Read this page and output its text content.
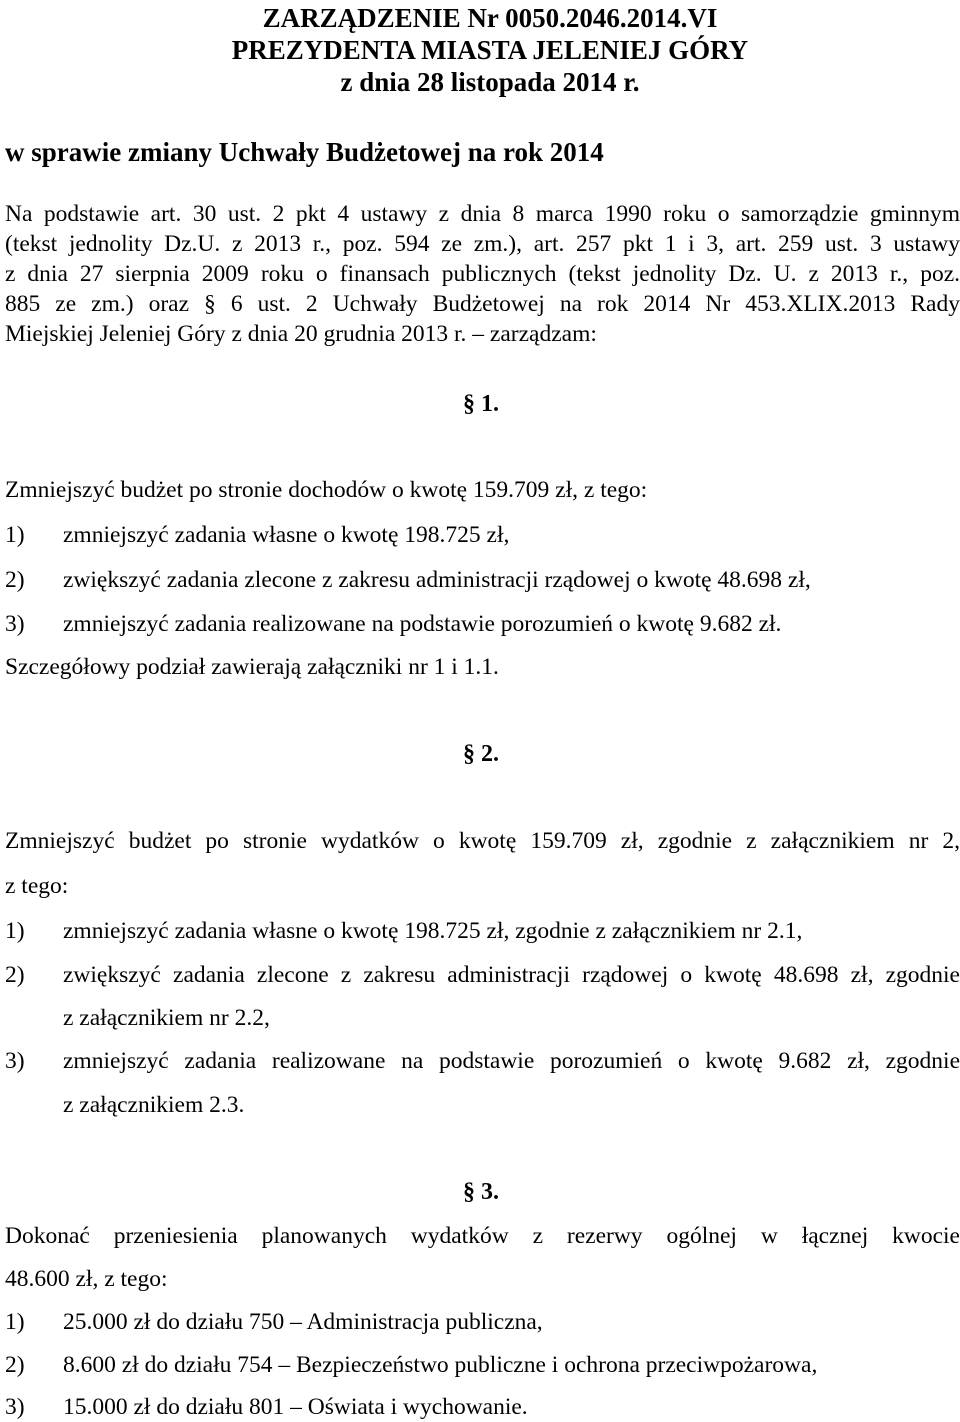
ZARZĄDZENIE Nr 0050.2046.2014.VI
PREZYDENTA MIASTA JELENIEJ GÓRY
z dnia 28 listopada 2014 r.
w sprawie zmiany Uchwały Budżetowej na rok 2014
Na podstawie art. 30 ust. 2 pkt 4 ustawy z dnia 8 marca 1990 roku o samorządzie gminnym
(tekst jednolity Dz.U. z 2013 r., poz. 594 ze zm.), art. 257 pkt 1 i 3, art. 259 ust. 3 ustawy
z dnia 27 sierpnia 2009 roku o finansach publicznych (tekst jednolity Dz. U. z 2013 r., poz.
885 ze zm.) oraz § 6 ust. 2 Uchwały Budżetowej na rok 2014 Nr 453.XLIX.2013 Rady
Miejskiej Jeleniej Góry z dnia 20 grudnia 2013 r. – zarządzam:
§ 1.
Zmniejszyć budżet po stronie dochodów o kwotę 159.709 zł, z tego:
1) zmniejszyć zadania własne o kwotę 198.725 zł,
2) zwiększyć zadania zlecone z zakresu administracji rządowej o kwotę 48.698 zł,
3) zmniejszyć zadania realizowane na podstawie porozumień o kwotę 9.682 zł.
Szczegółowy podział zawierają załączniki nr 1 i 1.1.
§ 2.
Zmniejszyć budżet po stronie wydatków o kwotę 159.709 zł, zgodnie z załącznikiem nr 2,
z tego:
1) zmniejszyć zadania własne o kwotę 198.725 zł, zgodnie z załącznikiem nr 2.1,
2) zwiększyć zadania zlecone z zakresu administracji rządowej o kwotę 48.698 zł, zgodnie
z załącznikiem nr 2.2,
3) zmniejszyć zadania realizowane na podstawie porozumień o kwotę 9.682 zł, zgodnie
z załącznikiem 2.3.
§ 3.
Dokonać przeniesienia planowanych wydatków z rezerwy ogólnej w łącznej kwocie
48.600 zł, z tego:
1) 25.000 zł do działu 750 – Administracja publiczna,
2) 8.600 zł do działu 754 – Bezpieczeństwo publiczne i ochrona przeciwpożarowa,
3) 15.000 zł do działu 801 – Oświata i wychowanie.
